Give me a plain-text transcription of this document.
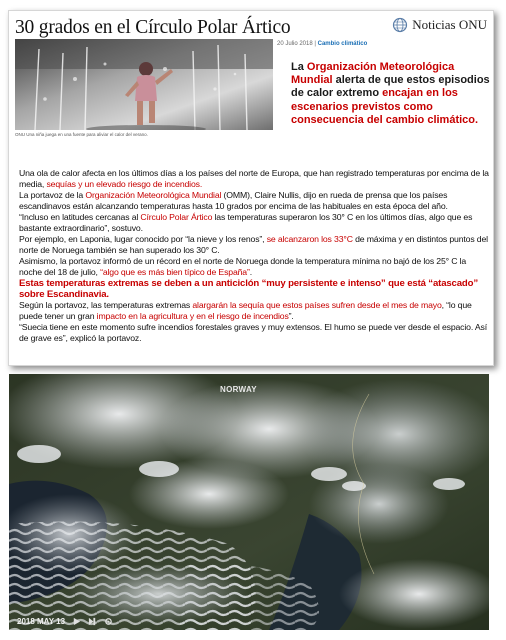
30 grados en el Círculo Polar Ártico	Noticias ONU
ONU Una niña juega en una fuente para aliviar el calor del verano.
20 Julio 2018 | Cambio climático
La Organización Meteorológica Mundial alerta de que estos episodios de calor extremo encajan en los escenarios previstos como consecuencia del cambio climático.

Una ola de calor afecta en los últimos días a los países del norte de Europa, que han registrado temperaturas por encima de la media, sequías y un elevado riesgo de incendios.

La portavoz de la Organización Meteorológica Mundial (OMM), Claire Nullis, dijo en rueda de prensa que los países escandinavos están alcanzando temperaturas hasta 10 grados por encima de las habituales en esta época del año.

“Incluso en latitudes cercanas al Círculo Polar Ártico las temperaturas superaron los 30° C en los últimos días, algo que es bastante extraordinario”, sostuvo.

Por ejemplo, en Laponia, lugar conocido por “la nieve y los renos”, se alcanzaron los 33°C de máxima y en distintos puntos del norte de Noruega también se han superado los 30° C.

Asimismo, la portavoz informó de un récord en el norte de Noruega donde la temperatura mínima no bajó de los 25° C la noche del 18 de julio, “algo que es más bien típico de España”.

Estas temperaturas extremas se deben a un anticiclón “muy persistente e intenso” que está “atascado” sobre Escandinavia.

Según la portavoz, las temperaturas extremas alargarán la sequía que estos países sufren desde el mes de mayo, “lo que puede tener un gran impacto en la agricultura y en el riesgo de incendios”.

“Suecia tiene en este momento sufre incendios forestales graves y muy extensos. El humo se puede ver desde el espacio. Así de grave es”, explicó la portavoz.

NORWAY
2018 MAY 13
